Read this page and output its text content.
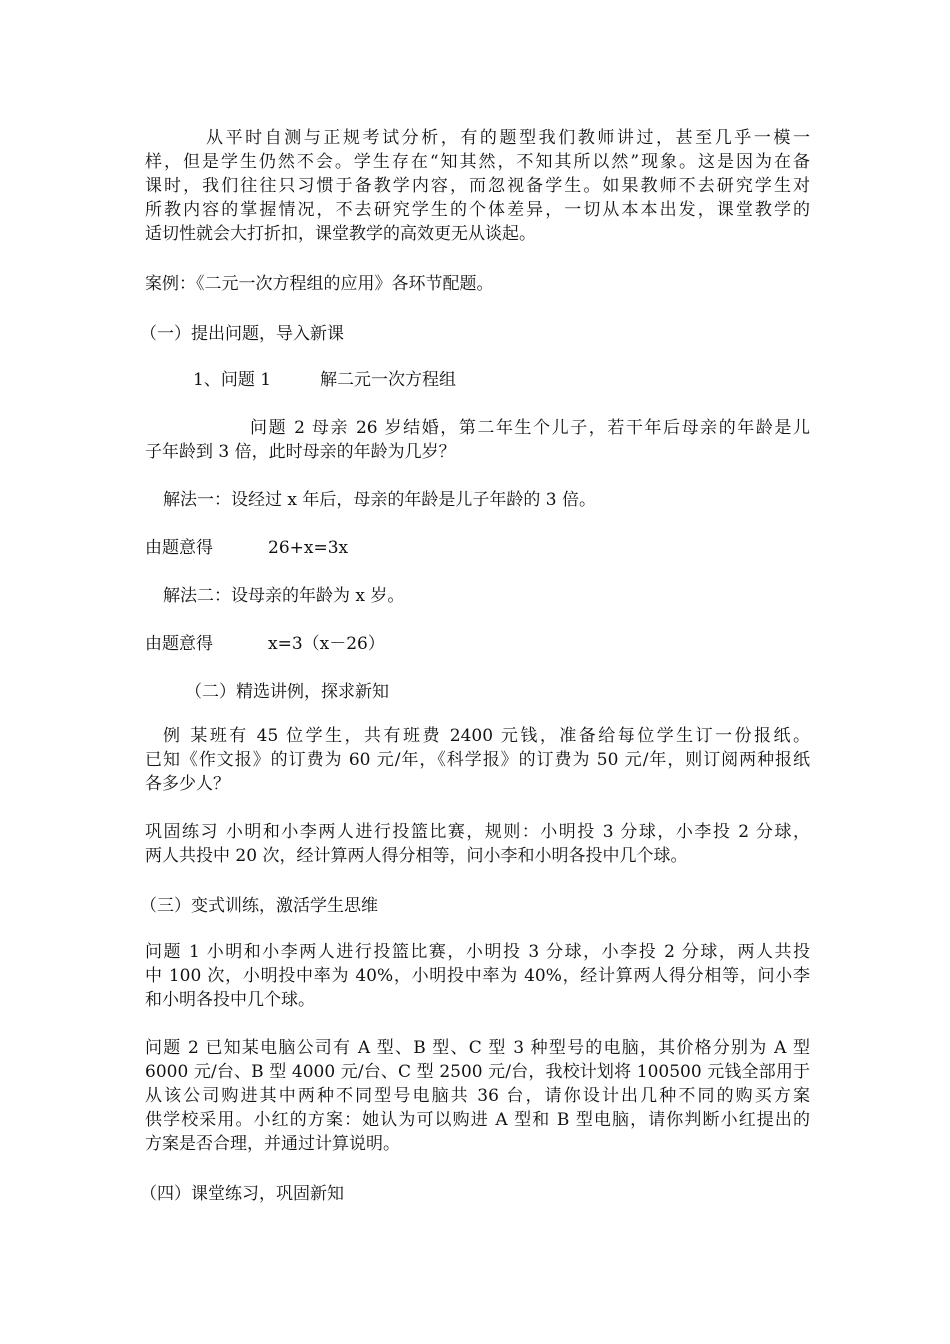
从平时自测与正规考试分析，有的题型我们教师讲过，甚至几乎一模一
样，但是学生仍然不会。学生存在“知其然，不知其所以然”现象。这是因为在备
课时，我们往往只习惯于备教学内容，而忽视备学生。如果教师不去研究学生对
所教内容的掌握情况，不去研究学生的个体差异，一切从本本出发，课堂教学的
适切性就会大打折扣，课堂教学的高效更无从谈起。
案例：《二元一次方程组的应用》各环节配题。
（一）提出问题，导入新课
1、问题 1	解二元一次方程组
问题 2 母亲 26 岁结婚，第二年生个儿子，若干年后母亲的年龄是儿
子年龄到 3 倍，此时母亲的年龄为几岁？
解法一：设经过 x 年后，母亲的年龄是儿子年龄的 3 倍。
由题意得	26+x=3x
解法二：设母亲的年龄为 x 岁。
由题意得	x=3（x－26）
（二）精选讲例，探求新知
例 某班有 45 位学生，共有班费 2400 元钱，准备给每位学生订一份报纸。
已知《作文报》的订费为 60 元/年，《科学报》的订费为 50 元/年，则订阅两种报纸
各多少人？
巩固练习 小明和小李两人进行投篮比赛，规则：小明投 3 分球，小李投 2 分球，
两人共投中 20 次，经计算两人得分相等，问小李和小明各投中几个球。
（三）变式训练，激活学生思维
问题 1 小明和小李两人进行投篮比赛，小明投 3 分球，小李投 2 分球，两人共投
中 100 次，小明投中率为 40%，小明投中率为 40%，经计算两人得分相等，问小李
和小明各投中几个球。
问题 2 已知某电脑公司有 A 型、B 型、C 型 3 种型号的电脑，其价格分别为 A 型
6000 元/台、B 型 4000 元/台、C 型 2500 元/台，我校计划将 100500 元钱全部用于
从该公司购进其中两种不同型号电脑共 36 台，请你设计出几种不同的购买方案
供学校采用。小红的方案：她认为可以购进 A 型和 B 型电脑，请你判断小红提出的
方案是否合理，并通过计算说明。
（四）课堂练习，巩固新知
